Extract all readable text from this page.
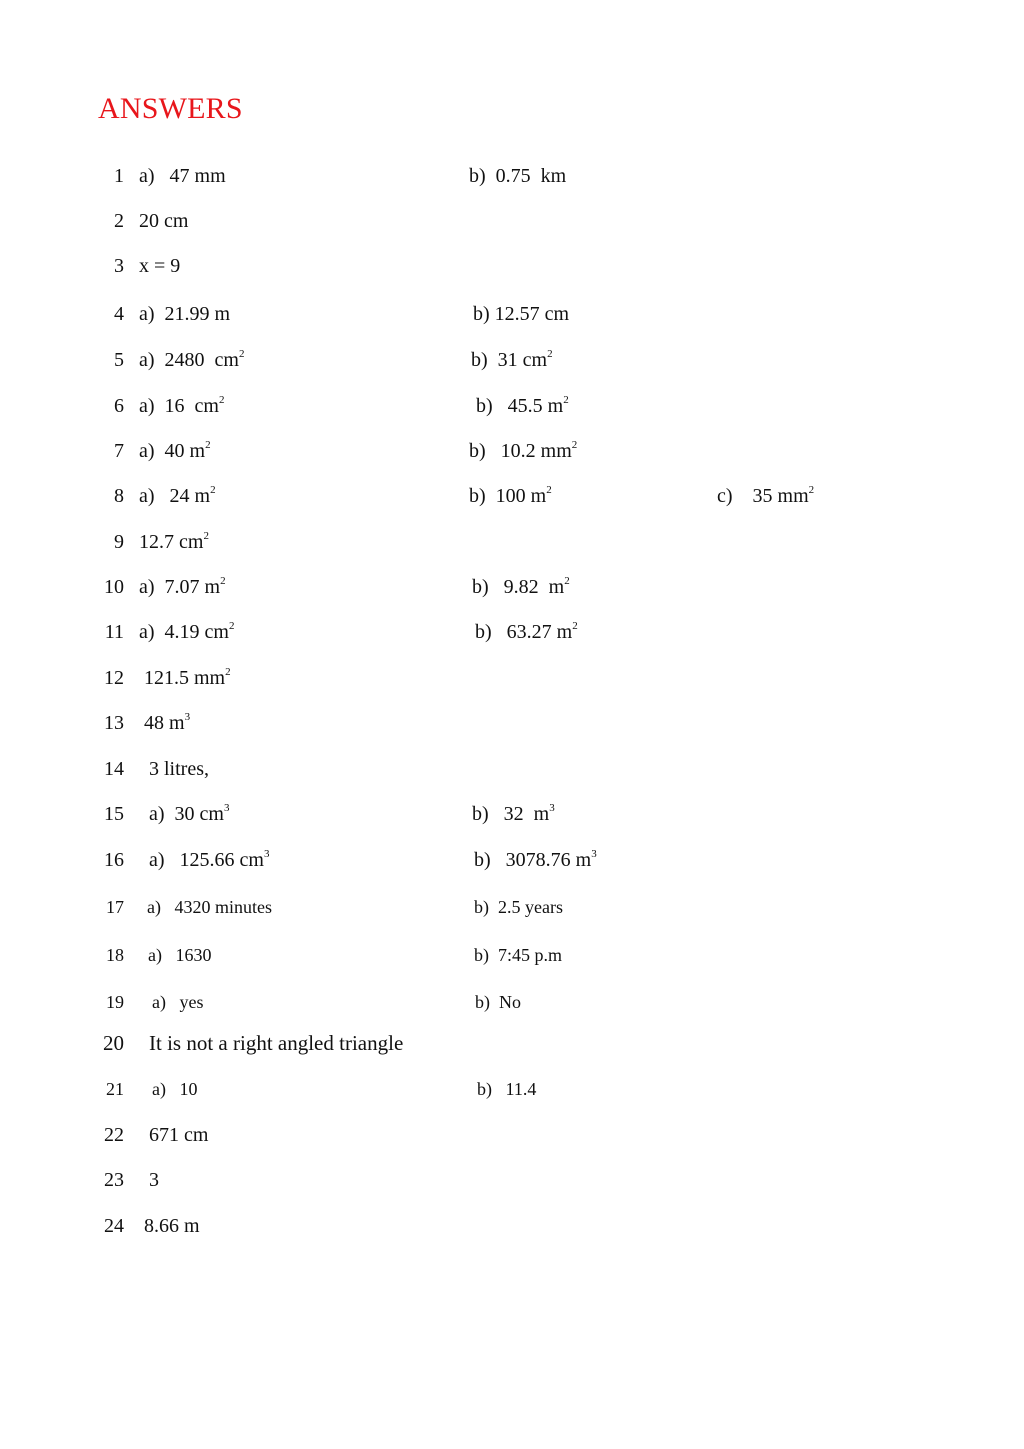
ANSWERS
1 a)   47 mm	b)  0.75  km
2 20 cm
3 x = 9
4 a)  21.99 m	b) 12.57 cm
5 a)  2480  $cm^2$	b)  31 $cm^2$
6 a)  16  $cm^2$	b)   45.5 $m^2$
7 a)  40 $m^2$	b)   10.2 $mm^2$
8 a)   24 $m^2$	b)  100 $m^2$	c)    35 $mm^2$
9 12.7 $cm^2$
10 a)  7.07 $m^2$	b)   9.82  $m^2$
11 a)  4.19 $cm^2$	b)   63.27 $m^2$
12 121.5 $mm^2$
13 48 $m^3$
14 3 litres,
15 a)  30 $cm^3$	b)   32  $m^3$
16 a)   125.66 $cm^3$	b)   3078.76 $m^3$
17 a)   4320 minutes	b)  2.5 years
18 a)   1630	b)  7:45 p.m
19 a)   yes	b)  No
20 It is not a right angled triangle
21 a)   10	b)   11.4
22 671 cm
23 3
24 8.66 m
